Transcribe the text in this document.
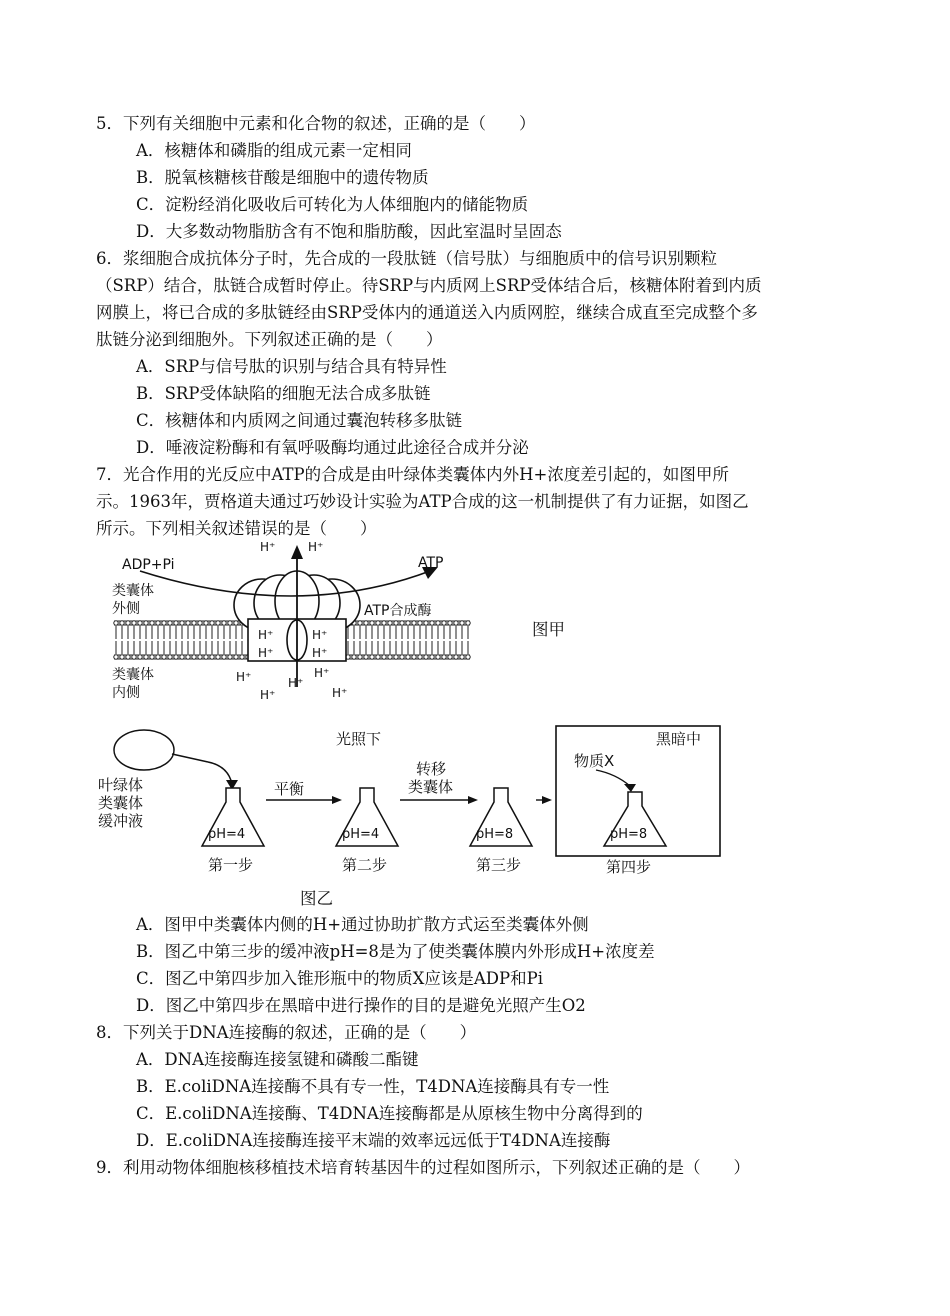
5．下列有关细胞中元素和化合物的叙述，正确的是（　　）
A．核糖体和磷脂的组成元素一定相同
B．脱氧核糖核苷酸是细胞中的遗传物质
C．淀粉经消化吸收后可转化为人体细胞内的储能物质
D．大多数动物脂肪含有不饱和脂肪酸，因此室温时呈固态
6．浆细胞合成抗体分子时，先合成的一段肽链（信号肽）与细胞质中的信号识别颗粒
（SRP）结合，肽链合成暂时停止。待SRP与内质网上SRP受体结合后，核糖体附着到内质
网膜上，将已合成的多肽链经由SRP受体内的通道送入内质网腔，继续合成直至完成整个多
肽链分泌到细胞外。下列叙述正确的是（　　）
A．SRP与信号肽的识别与结合具有特异性
B．SRP受体缺陷的细胞无法合成多肽链
C．核糖体和内质网之间通过囊泡转移多肽链
D．唾液淀粉酶和有氧呼吸酶均通过此途径合成并分泌
7．光合作用的光反应中ATP的合成是由叶绿体类囊体内外H+浓度差引起的，如图甲所
示。1963年，贾格道夫通过巧妙设计实验为ATP合成的这一机制提供了有力证据，如图乙
所示。下列相关叙述错误的是（　　）
ADP+Pi	ATP
ATP合成酶
类囊体
外侧
类囊体
内侧
H⁺	H⁺
H⁺	H⁺
H⁺	H⁺
H⁺	H⁺
H⁺
H⁺	H⁺
图甲
叶绿体
类囊体
缓冲液
光照下
pH=4
第一步
平衡
pH=4
第二步
转移
类囊体
pH=8
第三步
黑暗中
物质X
pH=8
第四步
图乙
A．图甲中类囊体内侧的H+通过协助扩散方式运至类囊体外侧
B．图乙中第三步的缓冲液pH=8是为了使类囊体膜内外形成H+浓度差
C．图乙中第四步加入锥形瓶中的物质X应该是ADP和Pi
D．图乙中第四步在黑暗中进行操作的目的是避免光照产生O2
8．下列关于DNA连接酶的叙述，正确的是（　　）
A．DNA连接酶连接氢键和磷酸二酯键
B．E.coliDNA连接酶不具有专一性，T4DNA连接酶具有专一性
C．E.coliDNA连接酶、T4DNA连接酶都是从原核生物中分离得到的
D．E.coliDNA连接酶连接平末端的效率远远低于T4DNA连接酶
9．利用动物体细胞核移植技术培育转基因牛的过程如图所示，下列叙述正确的是（　　）
